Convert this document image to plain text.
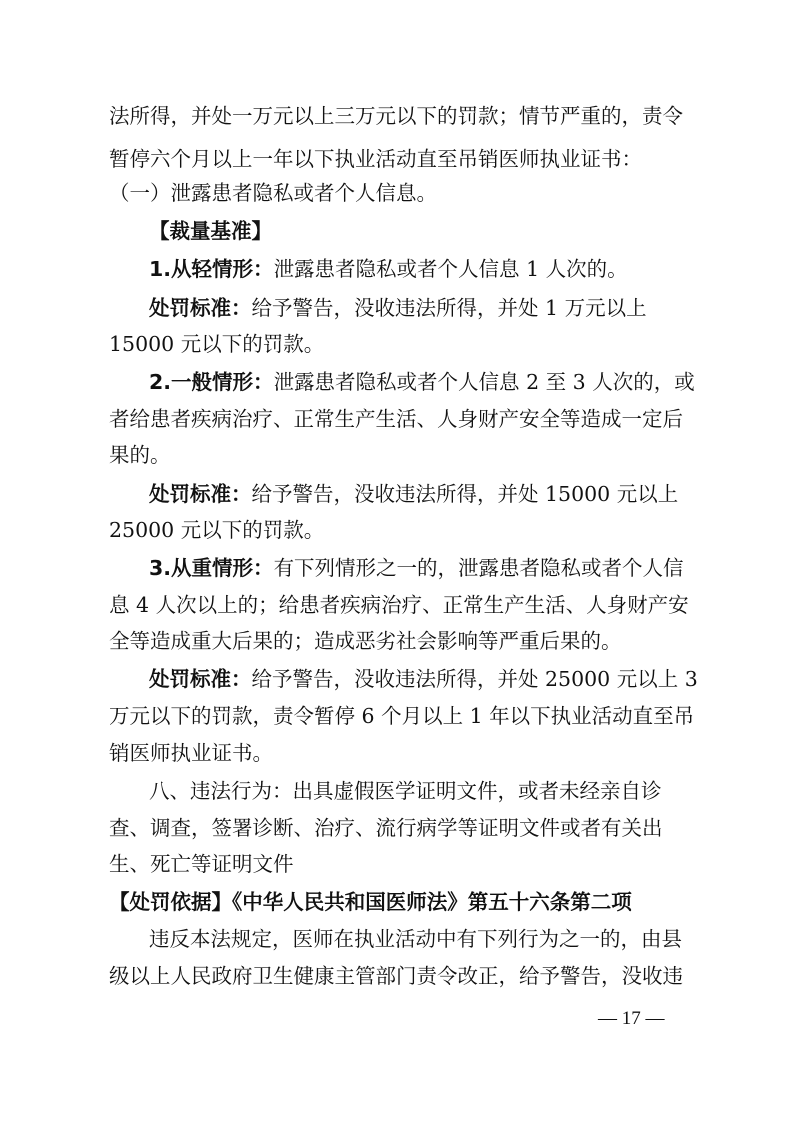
法所得，并处一万元以上三万元以下的罚款；情节严重的，责令
暂停六个月以上一年以下执业活动直至吊销医师执业证书：
（一）泄露患者隐私或者个人信息。
【裁量基准】
1.从轻情形：泄露患者隐私或者个人信息 1 人次的。
处罚标准：给予警告，没收违法所得，并处 1 万元以上
15000 元以下的罚款。
2.一般情形：泄露患者隐私或者个人信息 2 至 3 人次的，或
者给患者疾病治疗、正常生产生活、人身财产安全等造成一定后
果的。
处罚标准：给予警告，没收违法所得，并处 15000 元以上
25000 元以下的罚款。
3.从重情形：有下列情形之一的，泄露患者隐私或者个人信
息 4 人次以上的；给患者疾病治疗、正常生产生活、人身财产安
全等造成重大后果的；造成恶劣社会影响等严重后果的。
处罚标准：给予警告，没收违法所得，并处 25000 元以上 3
万元以下的罚款，责令暂停 6 个月以上 1 年以下执业活动直至吊
销医师执业证书。
八、违法行为：出具虚假医学证明文件，或者未经亲自诊
查、调查，签署诊断、治疗、流行病学等证明文件或者有关出
生、死亡等证明文件
【处罚依据】《中华人民共和国医师法》第五十六条第二项
违反本法规定，医师在执业活动中有下列行为之一的，由县
级以上人民政府卫生健康主管部门责令改正，给予警告，没收违
— 17 —
